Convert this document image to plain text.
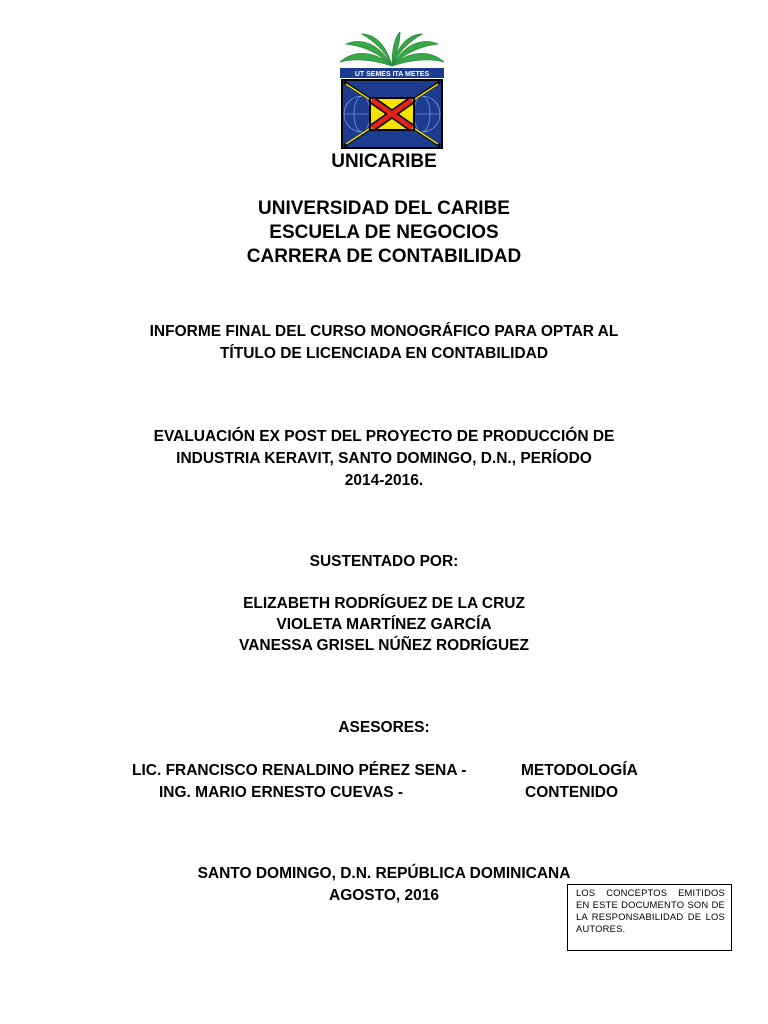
UT SEMES ITA METES
UNICARIBE
UNIVERSIDAD DEL CARIBE
ESCUELA DE NEGOCIOS
CARRERA DE CONTABILIDAD
INFORME FINAL DEL CURSO MONOGRÁFICO PARA OPTAR AL
TÍTULO DE LICENCIADA EN CONTABILIDAD
EVALUACIÓN EX POST DEL PROYECTO DE PRODUCCIÓN DE
INDUSTRIA KERAVIT, SANTO DOMINGO, D.N., PERÍODO
2014-2016.
SUSTENTADO POR:
ELIZABETH RODRÍGUEZ DE LA CRUZ
VIOLETA MARTÍNEZ GARCÍA
VANESSA GRISEL NÚÑEZ RODRÍGUEZ
ASESORES:
LIC. FRANCISCO RENALDINO PÉREZ SENA -	METODOLOGÍA
ING. MARIO ERNESTO CUEVAS -	CONTENIDO
SANTO DOMINGO, D.N. REPÚBLICA DOMINICANA
AGOSTO, 2016	LOS CONCEPTOS EMITIDOS EN ESTE DOCUMENTO SON DE LA RESPONSABILIDAD DE LOS AUTORES.
